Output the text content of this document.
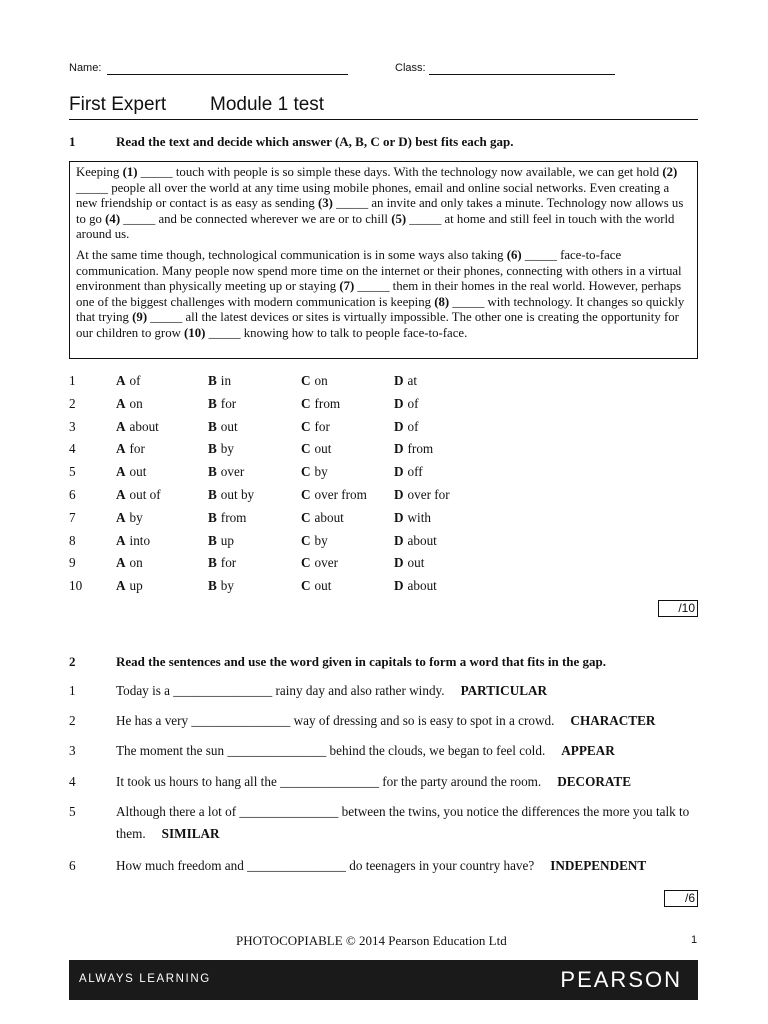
Name:	Class:
First Expert Module 1 test
1	Read the text and decide which answer (A, B, C or D) best fits each gap.

Keeping (1) _____ touch with people is so simple these days. With the technology now available, we can get hold (2) _____ people all over the world at any time using mobile phones, email and online social networks. Even creating a new friendship or contact is as easy as sending (3) _____ an invite and only takes a minute. Technology now allows us to go (4) _____ and be connected wherever we are or to chill (5) _____ at home and still feel in touch with the world around us.

At the same time though, technological communication is in some ways also taking (6) _____ face-to-face communication. Many people now spend more time on the internet or their phones, connecting with others in a virtual environment than physically meeting up or staying (7) _____ them in their homes in the real world. However, perhaps one of the biggest challenges with modern communication is keeping (8) _____ with technology. It changes so quickly that trying (9) _____ all the latest devices or sites is virtually impossible. The other one is creating the opportunity for our children to grow (10) _____ knowing how to talk to people face-to-face.

1	A of	B in	C on	D at
2	A on	B for	C from	D of
3	A about	B out	C for	D of
4	A for	B by	C out	D from
5	A out	B over	C by	D off
6	A out of	B out by	C over from D over for
7	A by	B from	C about	D with
8	A into	B up	C by	D about
9	A on	B for	C over	D out
10	A up	B by	C out	D about
/10
2	Read the sentences and use the word given in capitals to form a word that fits in the gap.
1	Today is a _______________ rainy day and also rather windy. PARTICULAR
2	He has a very _______________ way of dressing and so is easy to spot in a crowd. CHARACTER
3	The moment the sun _______________ behind the clouds, we began to feel cold. APPEAR
4	It took us hours to hang all the _______________ for the party around the room. DECORATE
5	Although there a lot of _______________ between the twins, you notice the differences the more you talk to them. SIMILAR
6	How much freedom and _______________ do teenagers in your country have? INDEPENDENT
/6
PHOTOCOPIABLE © 2014 Pearson Education Ltd	1
ALWAYS LEARNING	PEARSON
